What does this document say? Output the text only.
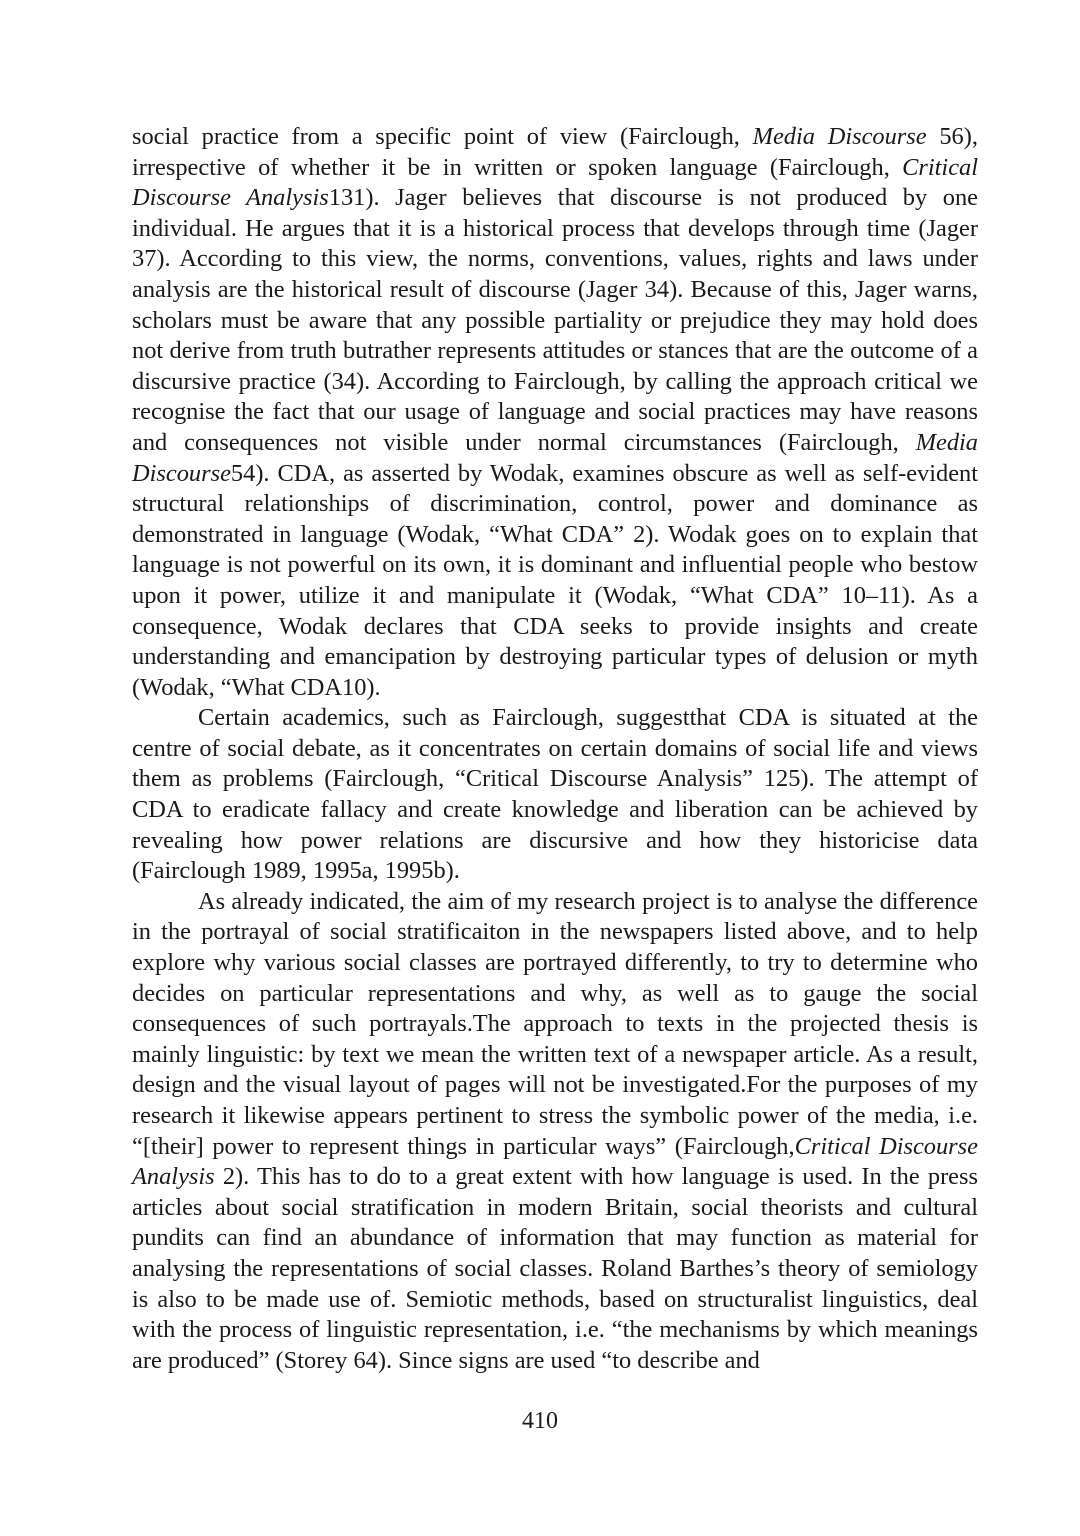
social practice from a specific point of view (Fairclough, Media Discourse 56), irrespective of whether it be in written or spoken language (Fairclough, Critical Discourse Analysis131). Jager believes that discourse is not produced by one individual. He argues that it is a historical process that develops through time (Jager 37). According to this view, the norms, conventions, values, rights and laws under analysis are the historical result of discourse (Jager 34). Because of this, Jager warns, scholars must be aware that any possible partiality or prejudice they may hold does not derive from truth butrather represents attitudes or stances that are the outcome of a discursive practice (34). According to Fairclough, by calling the approach critical we recognise the fact that our usage of language and social practices may have reasons and consequences not visible under normal circumstances (Fairclough, Media Discourse54). CDA, as asserted by Wodak, examines obscure as well as self-evident structural relationships of discrimination, control, power and dominance as demonstrated in language (Wodak, “What CDA” 2). Wodak goes on to explain that language is not powerful on its own, it is dominant and influential people who bestow upon it power, utilize it and manipulate it (Wodak, “What CDA” 10–11). As a consequence, Wodak declares that CDA seeks to provide insights and create understanding and emancipation by destroying particular types of delusion or myth (Wodak, “What CDA10).

Certain academics, such as Fairclough, suggestthat CDA is situated at the centre of social debate, as it concentrates on certain domains of social life and views them as problems (Fairclough, “Critical Discourse Analysis” 125). The attempt of CDA to eradicate fallacy and create knowledge and liberation can be achieved by revealing how power relations are discursive and how they historicise data (Fairclough 1989, 1995a, 1995b).

As already indicated, the aim of my research project is to analyse the difference in the portrayal of social stratificaiton in the newspapers listed above, and to help explore why various social classes are portrayed differently, to try to determine who decides on particular representations and why, as well as to gauge the social consequences of such portrayals.The approach to texts in the projected thesis is mainly linguistic: by text we mean the written text of a newspaper article. As a result, design and the visual layout of pages will not be investigated.For the purposes of my research it likewise appears pertinent to stress the symbolic power of the media, i.e. “[their] power to represent things in particular ways” (Fairclough,Critical Discourse Analysis 2). This has to do to a great extent with how language is used. In the press articles about social stratification in modern Britain, social theorists and cultural pundits can find an abundance of information that may function as material for analysing the representations of social classes. Roland Barthes’s theory of semiology is also to be made use of. Semiotic methods, based on structuralist linguistics, deal with the process of linguistic representation, i.e. “the mechanisms by which meanings are produced” (Storey 64). Since signs are used “to describe and

410
